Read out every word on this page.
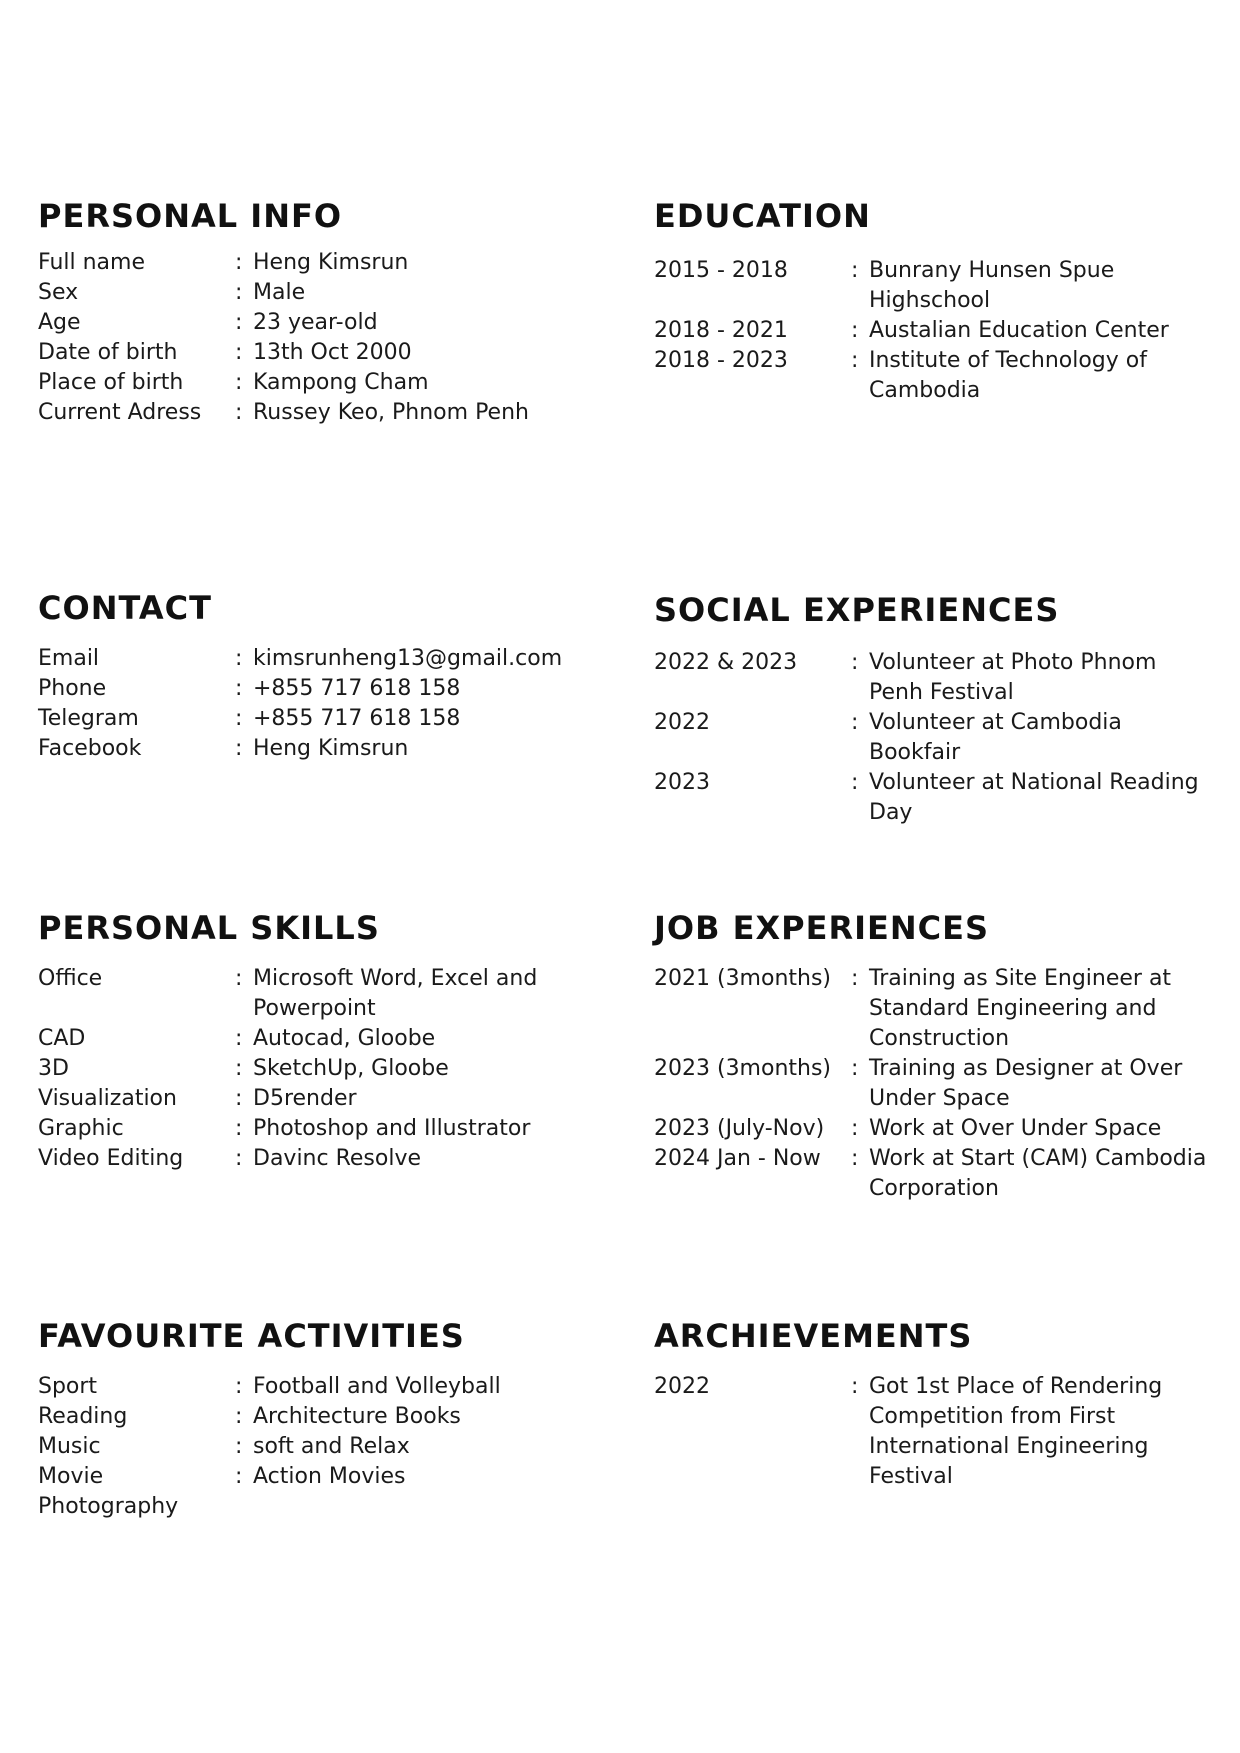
PERSONAL INFO
Full name	: Heng Kimsrun
Sex	: Male
Age	: 23 year-old
Date of birth	: 13th Oct 2000
Place of birth	: Kampong Cham
Current Adress	: Russey Keo, Phnom Penh
EDUCATION
2015 - 2018	: Bunrany Hunsen Spue Highschool
2018 - 2021	: Austalian Education Center
2018 - 2023	: Institute of Technology of Cambodia
CONTACT
Email	: kimsrunheng13@gmail.com
Phone	: +855 717 618 158
Telegram	: +855 717 618 158
Facebook	: Heng Kimsrun
SOCIAL EXPERIENCES
2022 & 2023	: Volunteer at Photo Phnom Penh Festival
2022	: Volunteer at Cambodia Bookfair
2023	: Volunteer at National Reading Day
PERSONAL SKILLS
Office	: Microsoft Word, Excel and Powerpoint
CAD	: Autocad, Gloobe
3D	: SketchUp, Gloobe
Visualization	: D5render
Graphic	: Photoshop and Illustrator
Video Editing	: Davinc Resolve
JOB EXPERIENCES
2021 (3months) : Training as Site Engineer at Standard Engineering and Construction
2023 (3months) : Training as Designer at Over Under Space
2023 (July-Nov)	: Work at Over Under Space
2024 Jan - Now	: Work at Start (CAM) Cambodia Corporation
FAVOURITE ACTIVITIES
Sport	: Football and Volleyball
Reading	: Architecture Books
Music	: soft and Relax
Movie	: Action Movies
Photography
ARCHIEVEMENTS
2022	: Got 1st Place of Rendering Competition from First International Engineering Festival
